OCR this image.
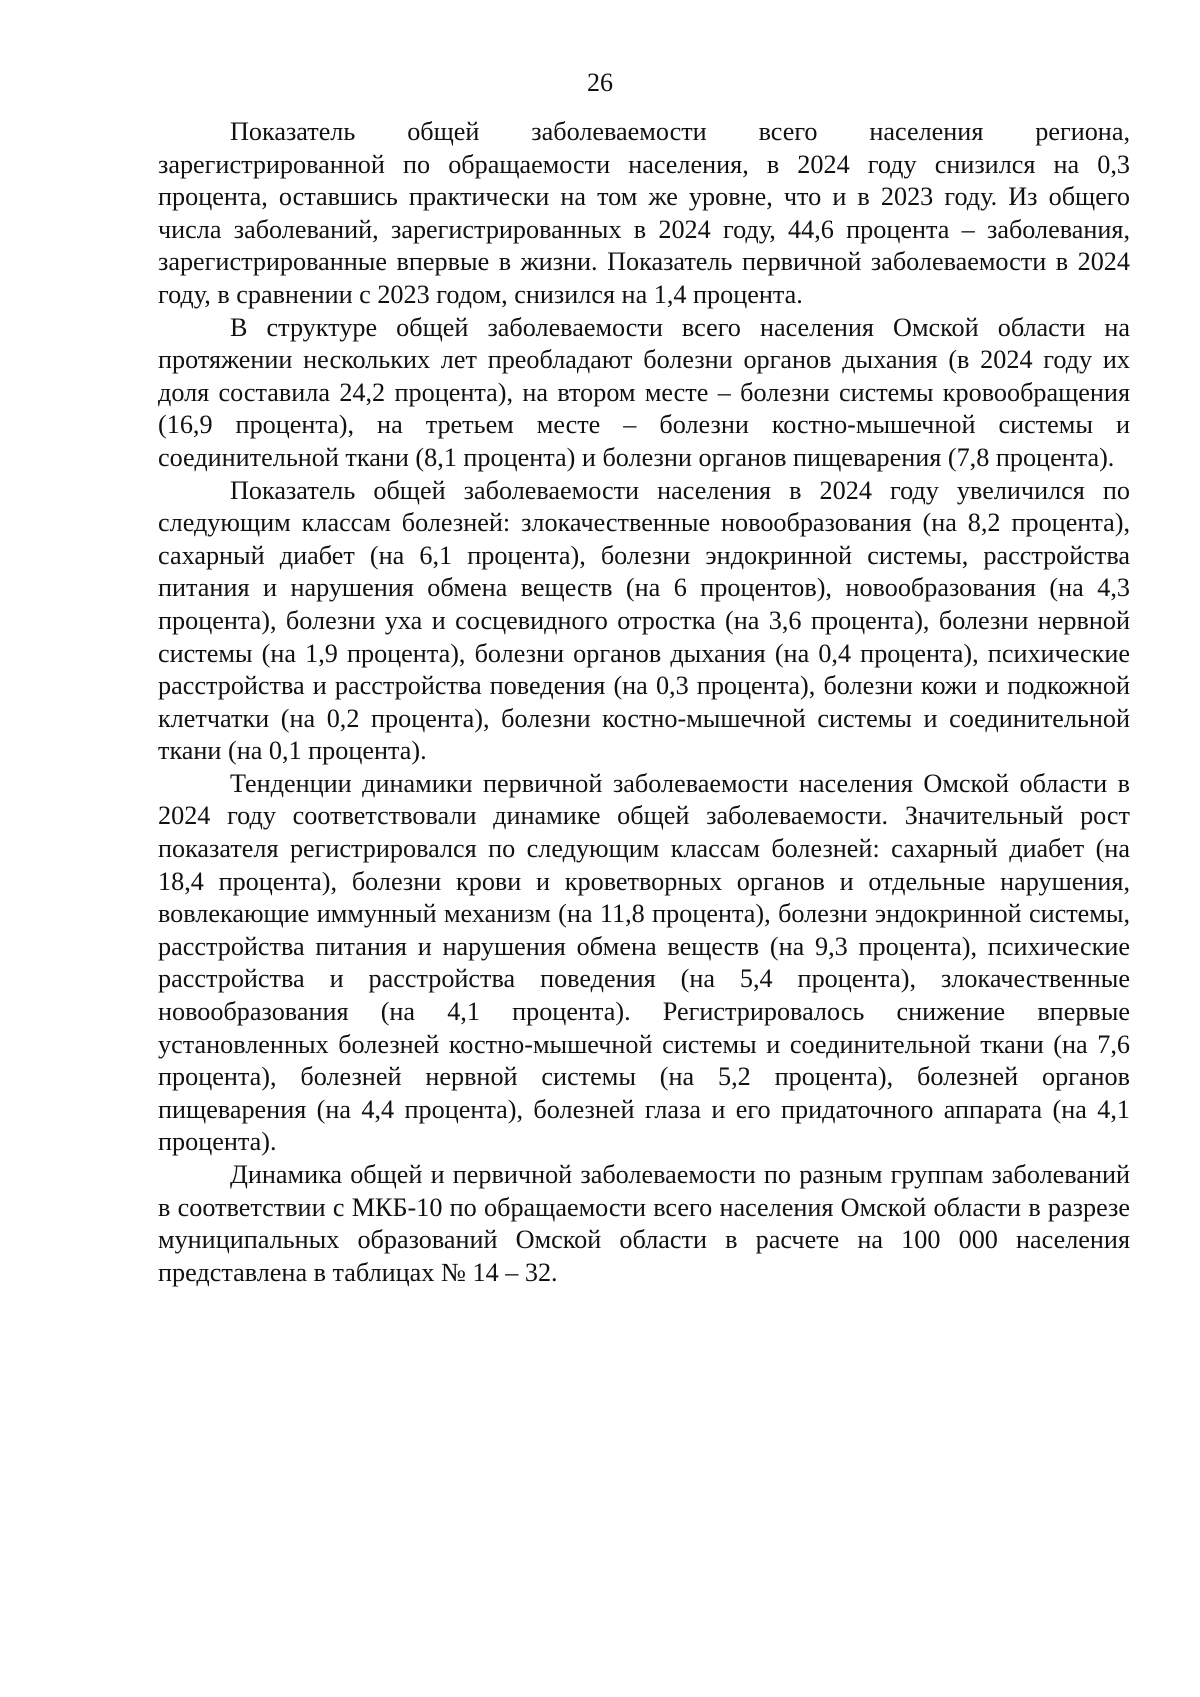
26

Показатель общей заболеваемости всего населения региона, зарегистрированной по обращаемости населения, в 2024 году снизился на 0,3 процента, оставшись практически на том же уровне, что и в 2023 году. Из общего числа заболеваний, зарегистрированных в 2024 году, 44,6 процента – заболевания, зарегистрированные впервые в жизни. Показатель первичной заболеваемости в 2024 году, в сравнении с 2023 годом, снизился на 1,4 процента.

В структуре общей заболеваемости всего населения Омской области на протяжении нескольких лет преобладают болезни органов дыхания (в 2024 году их доля составила 24,2 процента), на втором месте – болезни системы кровообращения (16,9 процента), на третьем месте – болезни костно-мышечной системы и соединительной ткани (8,1 процента) и болезни органов пищеварения (7,8 процента).

Показатель общей заболеваемости населения в 2024 году увеличился по следующим классам болезней: злокачественные новообразования (на 8,2 процента), сахарный диабет (на 6,1 процента), болезни эндокринной системы, расстройства питания и нарушения обмена веществ (на 6 процентов), новообразования (на 4,3 процента), болезни уха и сосцевидного отростка (на 3,6 процента), болезни нервной системы (на 1,9 процента), болезни органов дыхания (на 0,4 процента), психические расстройства и расстройства поведения (на 0,3 процента), болезни кожи и подкожной клетчатки (на 0,2 процента), болезни костно-мышечной системы и соединительной ткани (на 0,1 процента).

Тенденции динамики первичной заболеваемости населения Омской области в 2024 году соответствовали динамике общей заболеваемости. Значительный рост показателя регистрировался по следующим классам болезней: сахарный диабет (на 18,4 процента), болезни крови и кроветворных органов и отдельные нарушения, вовлекающие иммунный механизм (на 11,8 процента), болезни эндокринной системы, расстройства питания и нарушения обмена веществ (на 9,3 процента), психические расстройства и расстройства поведения (на 5,4 процента), злокачественные новообразования (на 4,1 процента). Регистрировалось снижение впервые установленных болезней костно-мышечной системы и соединительной ткани (на 7,6 процента), болезней нервной системы (на 5,2 процента), болезней органов пищеварения (на 4,4 процента), болезней глаза и его придаточного аппарата (на 4,1 процента).

Динамика общей и первичной заболеваемости по разным группам заболеваний в соответствии с МКБ-10 по обращаемости всего населения Омской области в разрезе муниципальных образований Омской области в расчете на 100 000 населения представлена в таблицах № 14 – 32.
